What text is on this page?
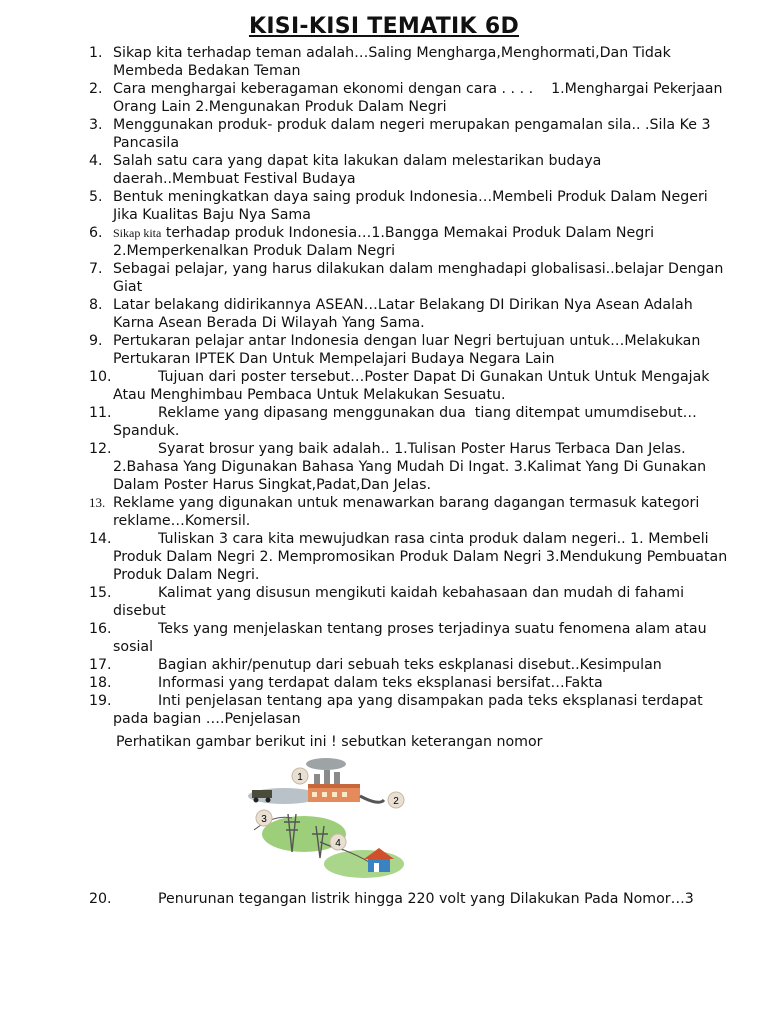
KISI-KISI TEMATIK 6D
1. Sikap kita terhadap teman adalah…Saling Mengharga,Menghormati,Dan Tidak Membeda Bedakan Teman
2. Cara menghargai keberagaman ekonomi dengan cara . . . .    1.Menghargai Pekerjaan Orang Lain 2.Mengunakan Produk Dalam Negri
3. Menggunakan produk- produk dalam negeri merupakan pengamalan sila.. .Sila Ke 3 Pancasila
4. Salah satu cara yang dapat kita lakukan dalam melestarikan budaya daerah..Membuat Festival Budaya
5. Bentuk meningkatkan daya saing produk Indonesia…Membeli Produk Dalam Negeri Jika Kualitas Baju Nya Sama
6. Sikap kita terhadap produk Indonesia…1.Bangga Memakai Produk Dalam Negri 2.Memperkenalkan Produk Dalam Negri
7. Sebagai pelajar, yang harus dilakukan dalam menghadapi globalisasi..belajar Dengan Giat
8. Latar belakang didirikannya ASEAN…Latar Belakang DI Dirikan Nya Asean Adalah Karna Asean Berada Di Wilayah Yang Sama.
9. Pertukaran pelajar antar Indonesia dengan luar Negri bertujuan untuk…Melakukan Pertukaran IPTEK Dan Untuk Mempelajari Budaya Negara Lain
10.	Tujuan dari poster tersebut…Poster Dapat Di Gunakan Untuk Untuk Mengajak Atau Menghimbau Pembaca Untuk Melakukan Sesuatu.
11.	Reklame yang dipasang menggunakan dua  tiang ditempat umumdisebut…Spanduk.
12.	Syarat brosur yang baik adalah.. 1.Tulisan Poster Harus Terbaca Dan Jelas. 2.Bahasa Yang Digunakan Bahasa Yang Mudah Di Ingat. 3.Kalimat Yang Di Gunakan Dalam Poster Harus Singkat,Padat,Dan Jelas.
13. Reklame yang digunakan untuk menawarkan barang dagangan termasuk kategori reklame…Komersil.
14.	Tuliskan 3 cara kita mewujudkan rasa cinta produk dalam negeri.. 1. Membeli Produk Dalam Negri 2. Mempromosikan Produk Dalam Negri 3.Mendukung Pembuatan Produk Dalam Negri.
15.	Kalimat yang disusun mengikuti kaidah kebahasaan dan mudah di fahami disebut
16.	Teks yang menjelaskan tentang proses terjadinya suatu fenomena alam atau sosial
17.	Bagian akhir/penutup dari sebuah teks eskplanasi disebut..Kesimpulan
18.	Informasi yang terdapat dalam teks eksplanasi bersifat…Fakta
19.	Inti penjelasan tentang apa yang disampakan pada teks eksplanasi terdapat pada bagian ….Penjelasan
Perhatikan gambar berikut ini ! sebutkan keterangan nomor
1
2
3
4
20.	Penurunan tegangan listrik hingga 220 volt yang Dilakukan Pada Nomor…3
